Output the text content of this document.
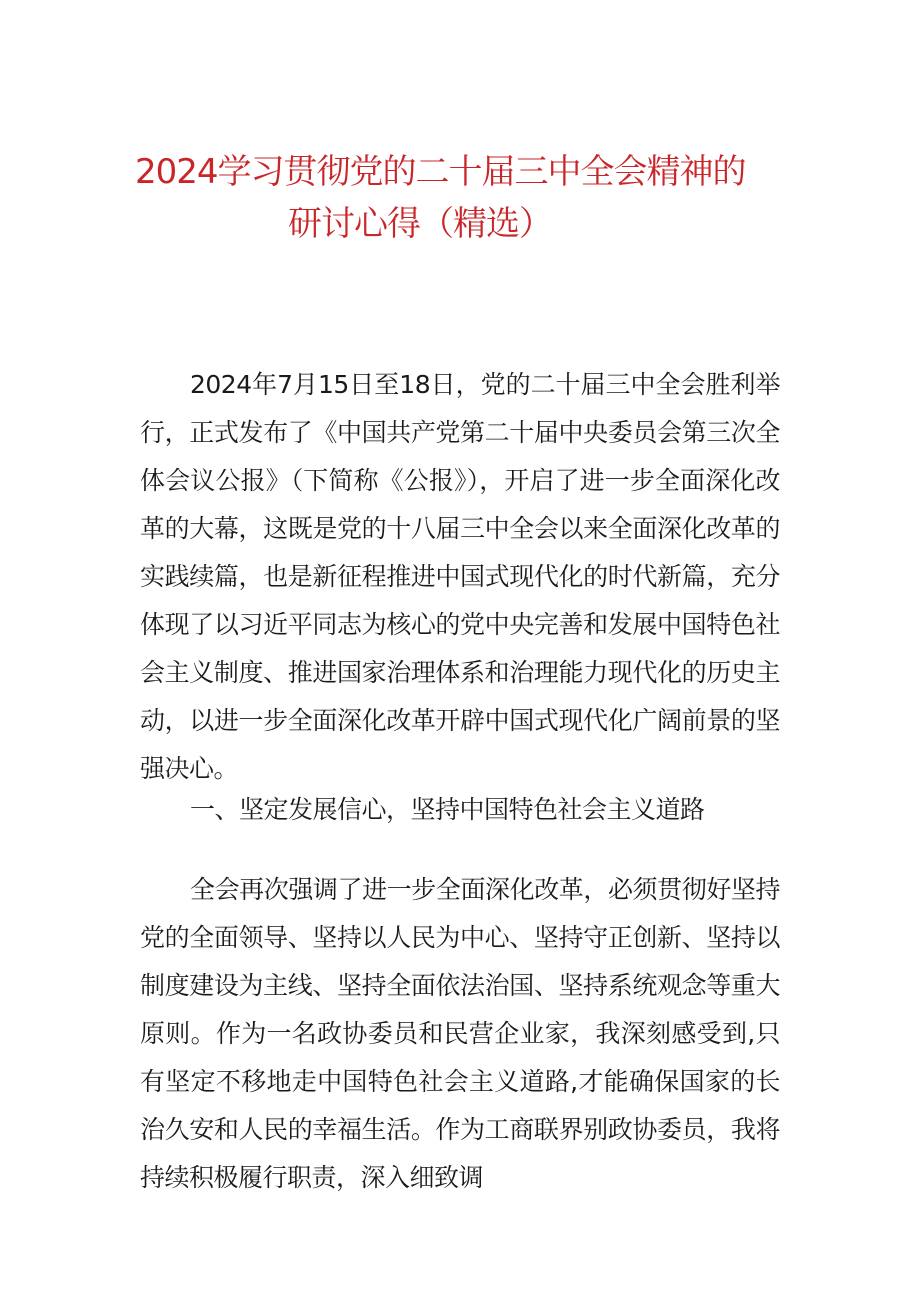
2024学习贯彻党的二十届三中全会精神的
研讨心得（精选）

2024年7月15日至18日，党的二十届三中全会胜利举行，正式发布了《中国共产党第二十届中央委员会第三次全体会议公报》（下简称《公报》），开启了进一步全面深化改革的大幕，这既是党的十八届三中全会以来全面深化改革的实践续篇，也是新征程推进中国式现代化的时代新篇，充分体现了以习近平同志为核心的党中央完善和发展中国特色社会主义制度、推进国家治理体系和治理能力现代化的历史主动，以进一步全面深化改革开辟中国式现代化广阔前景的坚强决心。

一、坚定发展信心，坚持中国特色社会主义道路

全会再次强调了进一步全面深化改革，必须贯彻好坚持党的全面领导、坚持以人民为中心、坚持守正创新、坚持以制度建设为主线、坚持全面依法治国、坚持系统观念等重大原则。作为一名政协委员和民营企业家，我深刻感受到,只有坚定不移地走中国特色社会主义道路,才能确保国家的长治久安和人民的幸福生活。作为工商联界别政协委员，我将持续积极履行职责，深入细致调
